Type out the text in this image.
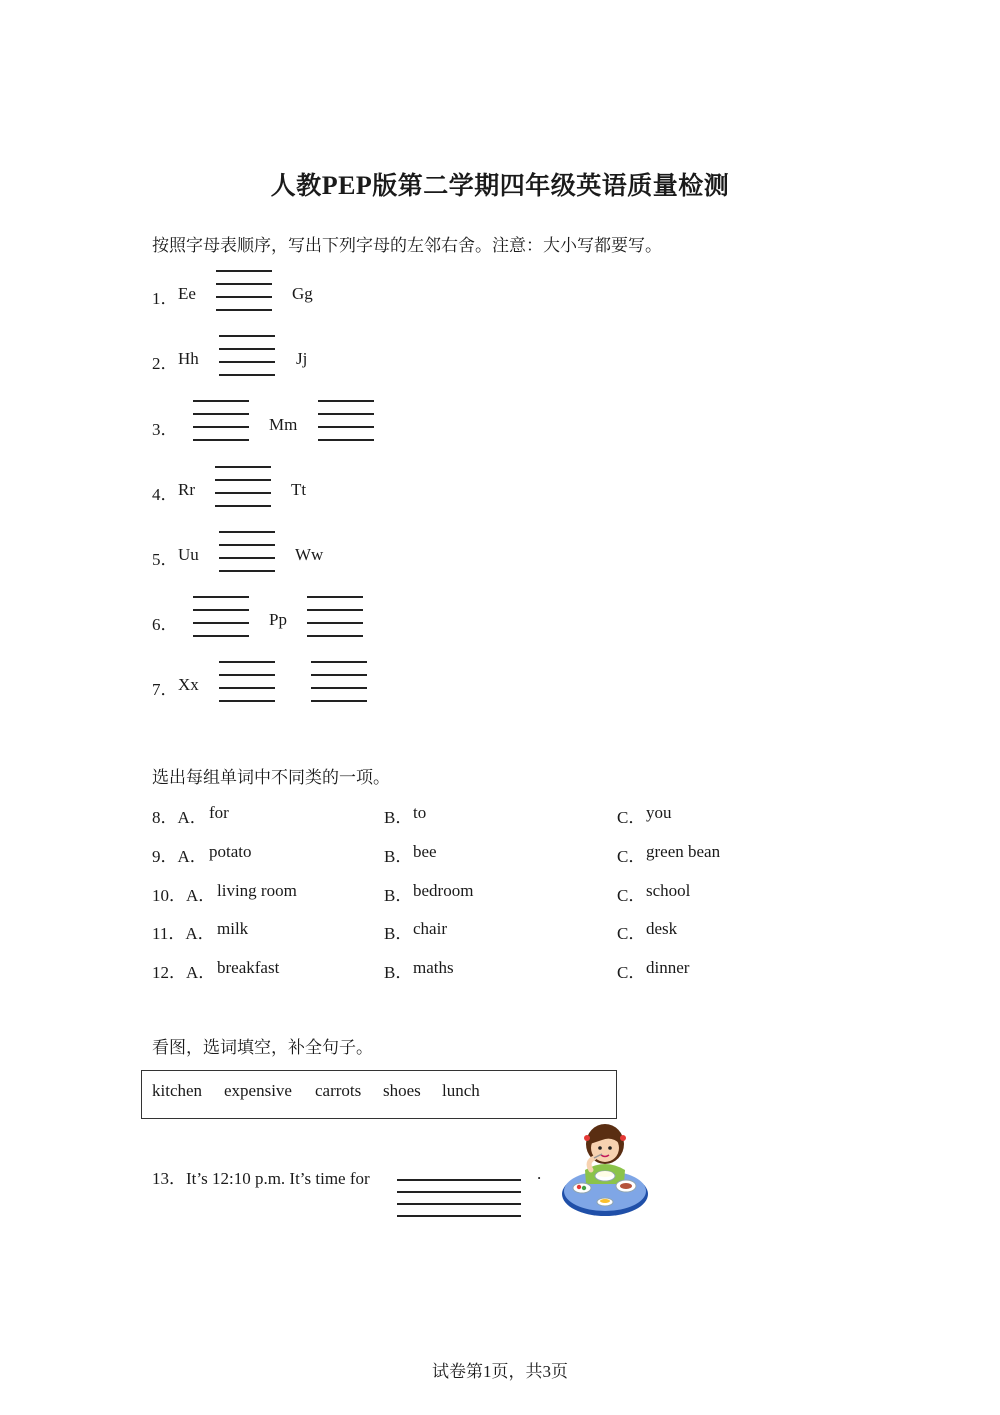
人教PEP版第二学期四年级英语质量检测
按照字母表顺序，写出下列字母的左邻右舍。注意：大小写都要写。
1． Ee	Gg
2． Hh	Jj
3．	Mm
4． Rr	Tt
5． Uu	Ww
6．	Pp
7． Xx
选出每组单词中不同类的一项。
8．A． for	B． to	C． you
9．A． potato	B． bee	C． green bean
10．A． living room	B． bedroom	C． school
11．A． milk	B． chair	C． desk
12．A． breakfast	B． maths	C． dinner
看图，选词填空，补全句子。
kitchen expensive carrots shoes lunch
13．It’s 12:10 p.m. It’s time for	.
试卷第1页，共3页
